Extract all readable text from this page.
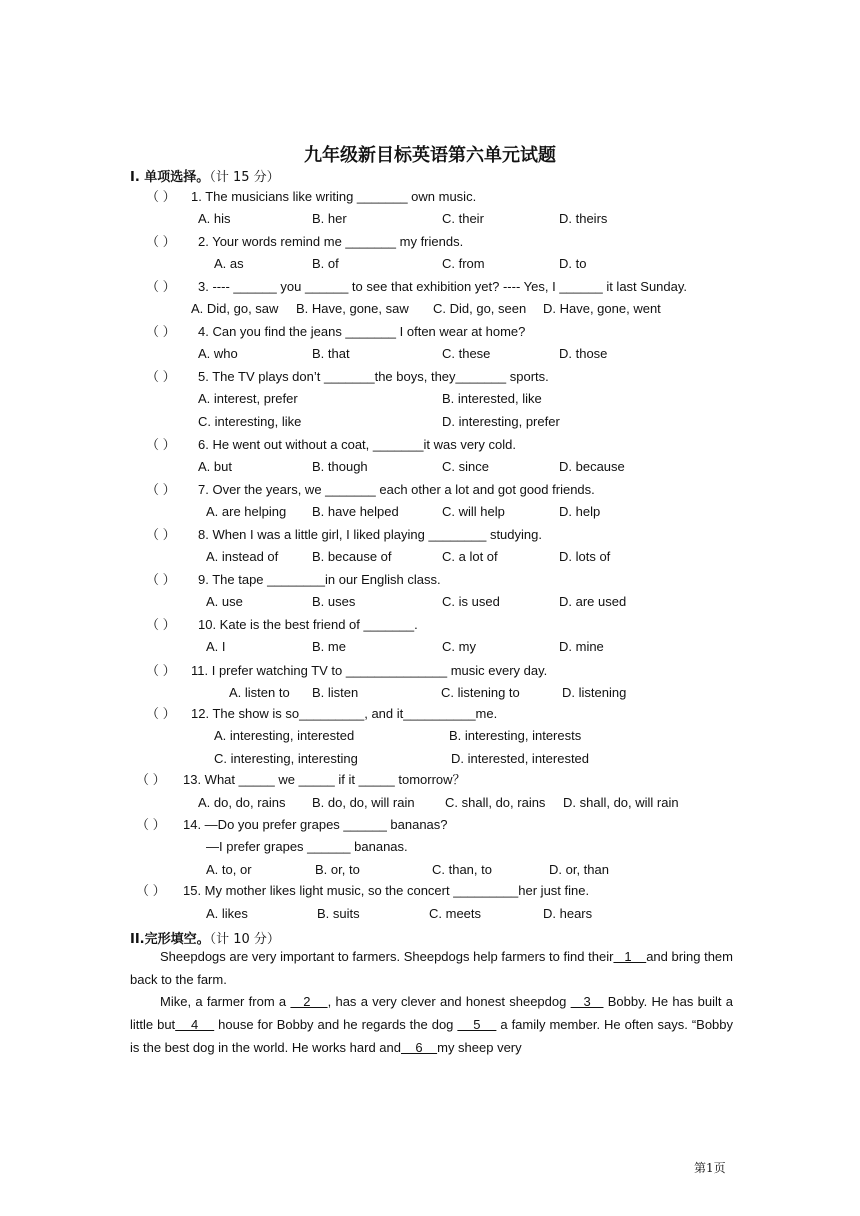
九年级新目标英语第六单元试题
I. 单项选择。（计 15 分）
（ ） 1. The musicians like writing _______ own music.
A. his	B. her	C. their	D. theirs
（ ） 2. Your words remind me _______ my friends.
A. as	B. of	C. from	D. to
（ ） 3. ---- ______ you ______ to see that exhibition yet? ---- Yes, I ______ it last Sunday.
A. Did, go, saw B. Have, gone, saw C. Did, go, seen D. Have, gone, went
（ ） 4. Can you find the jeans _______ I often wear at home?
A. who	B. that	C. these	D. those
（ ） 5. The TV plays don’t _______the boys, they_______ sports.
A. interest, prefer	B. interested, like
C. interesting, like	D. interesting, prefer
（ ） 6. He went out without a coat, _______it was very cold.
A. but	B. though	C. since	D. because
（ ） 7. Over the years, we _______ each other a lot and got good friends.
A. are helping B. have helped	C. will help	D. help
（ ） 8. When I was a little girl, I liked playing ________ studying.
A. instead of	B. because of	C. a lot of	D. lots of
（ ） 9. The tape ________in our English class.
A. use	B. uses	C. is used	D. are used
（ ） 10. Kate is the best friend of _______.
A. I	B. me	C. my	D. mine
（ ） 11. I prefer watching TV to ______________ music every day.
A. listen to B. listen	C. listening to	D. listening
（ ） 12. The show is so_________, and it__________me.
A. interesting, interested	B. interesting, interests
C. interesting, interesting	D. interested, interested
（ ） 13. What _____ we _____ if it _____ tomorrow？
A. do, do, rains B. do, do, will rain C. shall, do, rains D. shall, do, will rain
（ ） 14. —Do you prefer grapes ______ bananas?
—I prefer grapes ______ bananas.
A. to, or	B. or, to	C. than, to	D. or, than
（ ） 15. My mother likes light music, so the concert _________her just fine.
A. likes	B. suits	C. meets	D. hears
II.完形填空。（计 10 分）
Sheepdogs are very important to farmers. Sheepdogs help farmers to find their   1    and bring them back to the farm.
Mike, a farmer from a    2    , has a very clever and honest sheepdog    3    Bobby. He has built a little but    4     house for Bobby and he regards the dog     5     a family member. He often says. “Bobby is the best dog in the world. He works hard and    6    my sheep very
第1页
